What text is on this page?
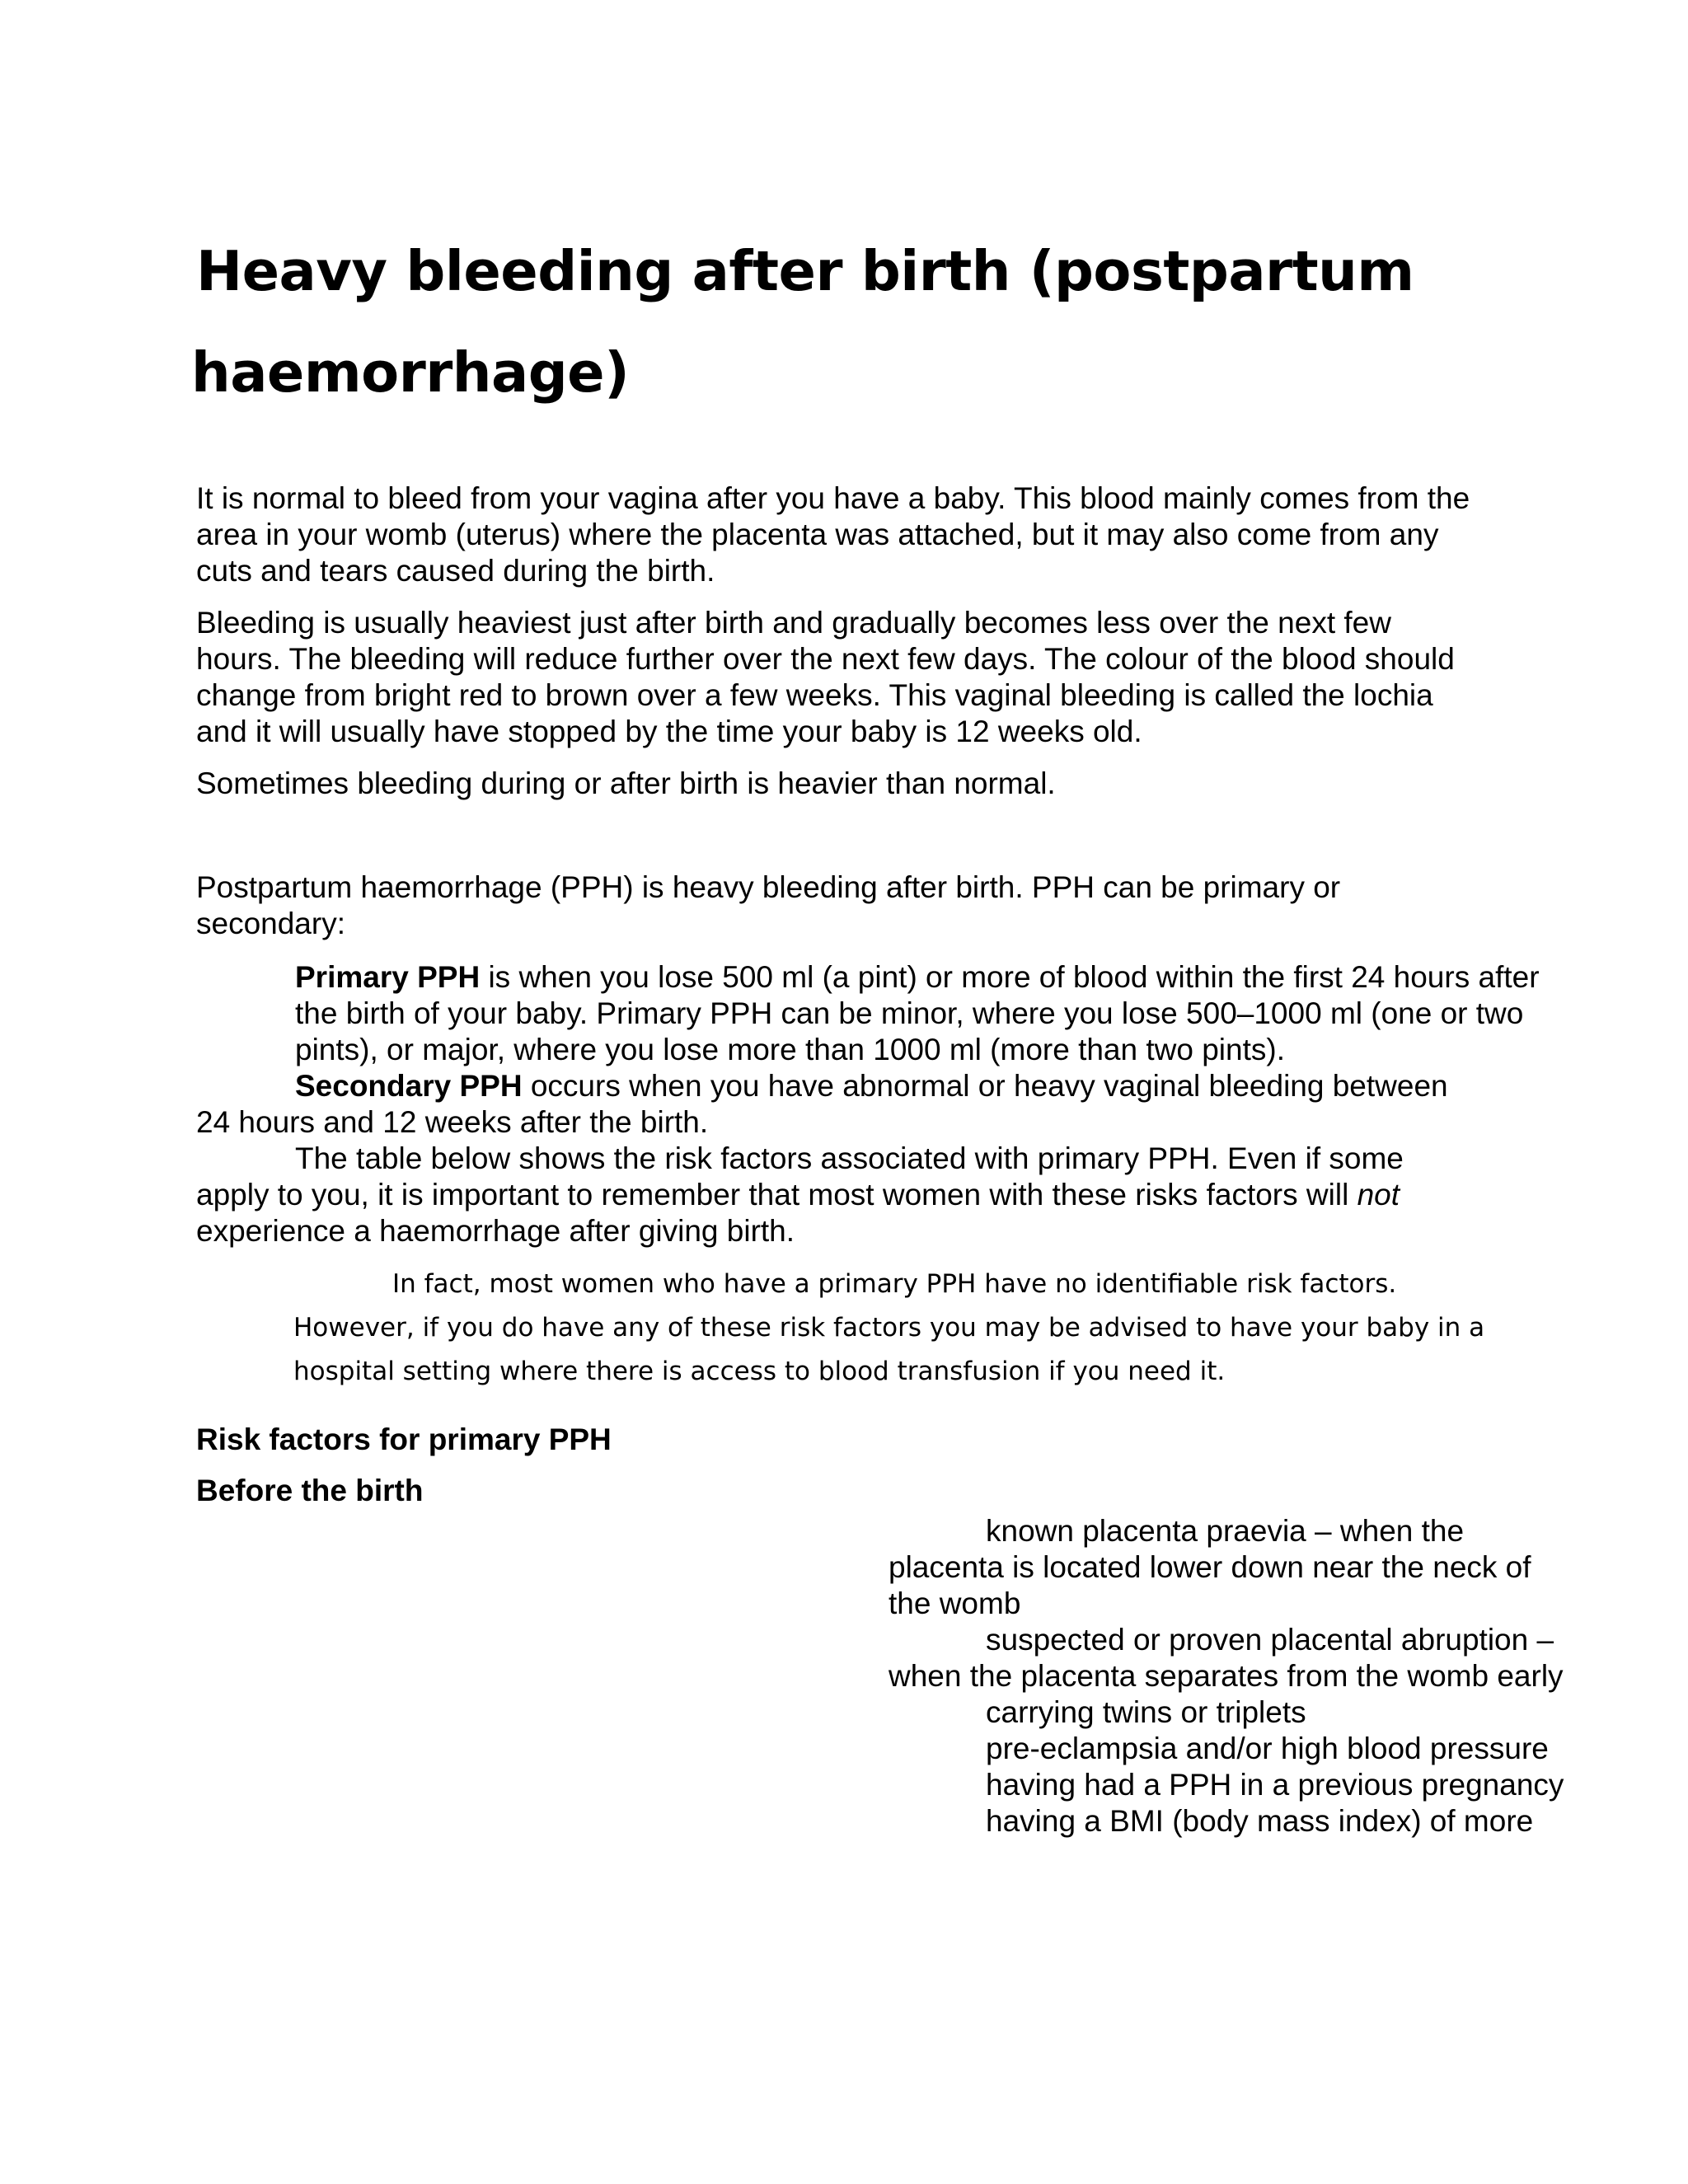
Heavy bleeding after birth (postpartum
haemorrhage)

It is normal to bleed from your vagina after you have a baby. This blood mainly comes from the area in your womb (uterus) where the placenta was attached, but it may also come from any cuts and tears caused during the birth.

Bleeding is usually heaviest just after birth and gradually becomes less over the next few hours. The bleeding will reduce further over the next few days. The colour of the blood should change from bright red to brown over a few weeks. This vaginal bleeding is called the lochia and it will usually have stopped by the time your baby is 12 weeks old.

Sometimes bleeding during or after birth is heavier than normal.

Postpartum haemorrhage (PPH) is heavy bleeding after birth. PPH can be primary or secondary:

Primary PPH is when you lose 500 ml (a pint) or more of blood within the first 24 hours after the birth of your baby. Primary PPH can be minor, where you lose 500–1000 ml (one or two pints), or major, where you lose more than 1000 ml (more than two pints).

Secondary PPH occurs when you have abnormal or heavy vaginal bleeding between 24 hours and 12 weeks after the birth.

The table below shows the risk factors associated with primary PPH. Even if some apply to you, it is important to remember that most women with these risks factors will not experience a haemorrhage after giving birth.

In fact, most women who have a primary PPH have no identifiable risk factors.
However, if you do have any of these risk factors you may be advised to have your baby in a hospital setting where there is access to blood transfusion if you need it.
Risk factors for primary PPH
Before the birth
known placenta praevia – when the placenta is located lower down near the neck of the womb
suspected or proven placental abruption – when the placenta separates from the womb early
carrying twins or triplets
pre-eclampsia and/or high blood pressure
having had a PPH in a previous pregnancy
having a BMI (body mass index) of more
